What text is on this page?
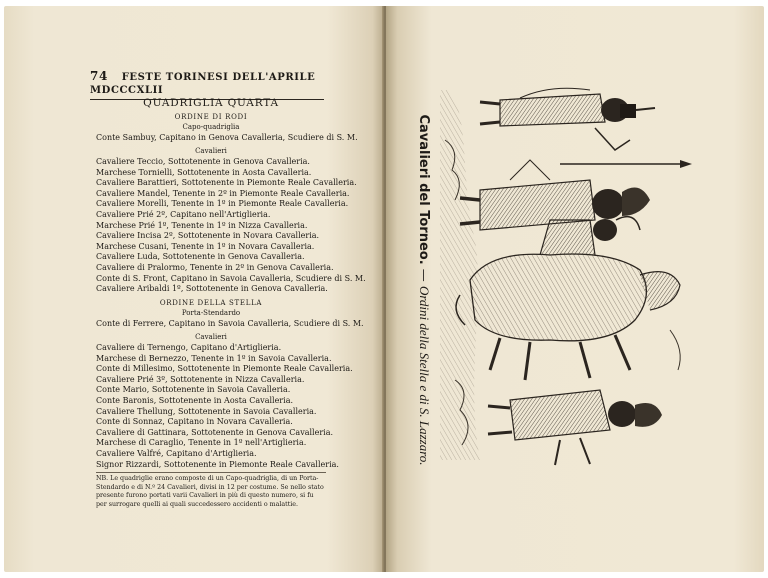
74 FESTE TORINESI DELL'APRILE MDCCCXLII
QUADRIGLIA QUARTA
ORDINE DI RODI
Capo-quadriglia
Conte Sambuy, Capitano in Genova Cavalleria, Scudiere di S. M.
Cavalieri
Cavaliere Teccio, Sottotenente in Genova Cavalleria.
Marchese Tornielli, Sottotenente in Aosta Cavalleria.
Cavaliere Barattieri, Sottotenente in Piemonte Reale Cavalleria.
Cavaliere Mandel, Tenente in 2º in Piemonte Reale Cavalleria.
Cavaliere Morelli, Tenente in 1º in Piemonte Reale Cavalleria.
Cavaliere Prié 2º, Capitano nell'Artiglieria.
Marchese Prié 1º, Tenente in 1º in Nizza Cavalleria.
Cavaliere Incisa 2º, Sottotenente in Novara Cavalleria.
Marchese Cusani, Tenente in 1º in Novara Cavalleria.
Cavaliere Luda, Sottotenente in Genova Cavalleria.
Cavaliere di Pralormo, Tenente in 2º in Genova Cavalleria.
Conte di S. Front, Capitano in Savoia Cavalleria, Scudiere di S. M.
Cavaliere Aribaldi 1º, Sottotenente in Genova Cavalleria.
ORDINE DELLA STELLA
Porta-Stendardo
Conte di Ferrere, Capitano in Savoia Cavalleria, Scudiere di S. M.
Cavalieri
Cavaliere di Ternengo, Capitano d'Artiglieria.
Marchese di Bernezzo, Tenente in 1º in Savoia Cavalleria.
Conte di Millesimo, Sottotenente in Piemonte Reale Cavalleria.
Cavaliere Prié 3º, Sottotenente in Nizza Cavalleria.
Conte Mario, Sottotenente in Savoia Cavalleria.
Conte Baronis, Sottotenente in Aosta Cavalleria.
Cavaliere Thellung, Sottotenente in Savoia Cavalleria.
Conte di Sonnaz, Capitano in Novara Cavalleria.
Cavaliere di Gattinara, Sottotenente in Genova Cavalleria.
Marchese di Caraglio, Tenente in 1º nell'Artiglieria.
Cavaliere Valfré, Capitano d'Artiglieria.
Signor Rizzardi, Sottotenente in Piemonte Reale Cavalleria.
NB. Le quadriglie erano composte di un Capo-quadriglia, di un Porta-Stendardo e di N.º 24 Cavalieri, divisi in 12 per costume. Se nello stato presente furono portati varii Cavalieri in più di questo numero, si fu per surrogare quelli ai quali succedessero accidenti o malattie.
Cavalieri del Torneo. — Ordini della Stella e di S. Lazzaro.
